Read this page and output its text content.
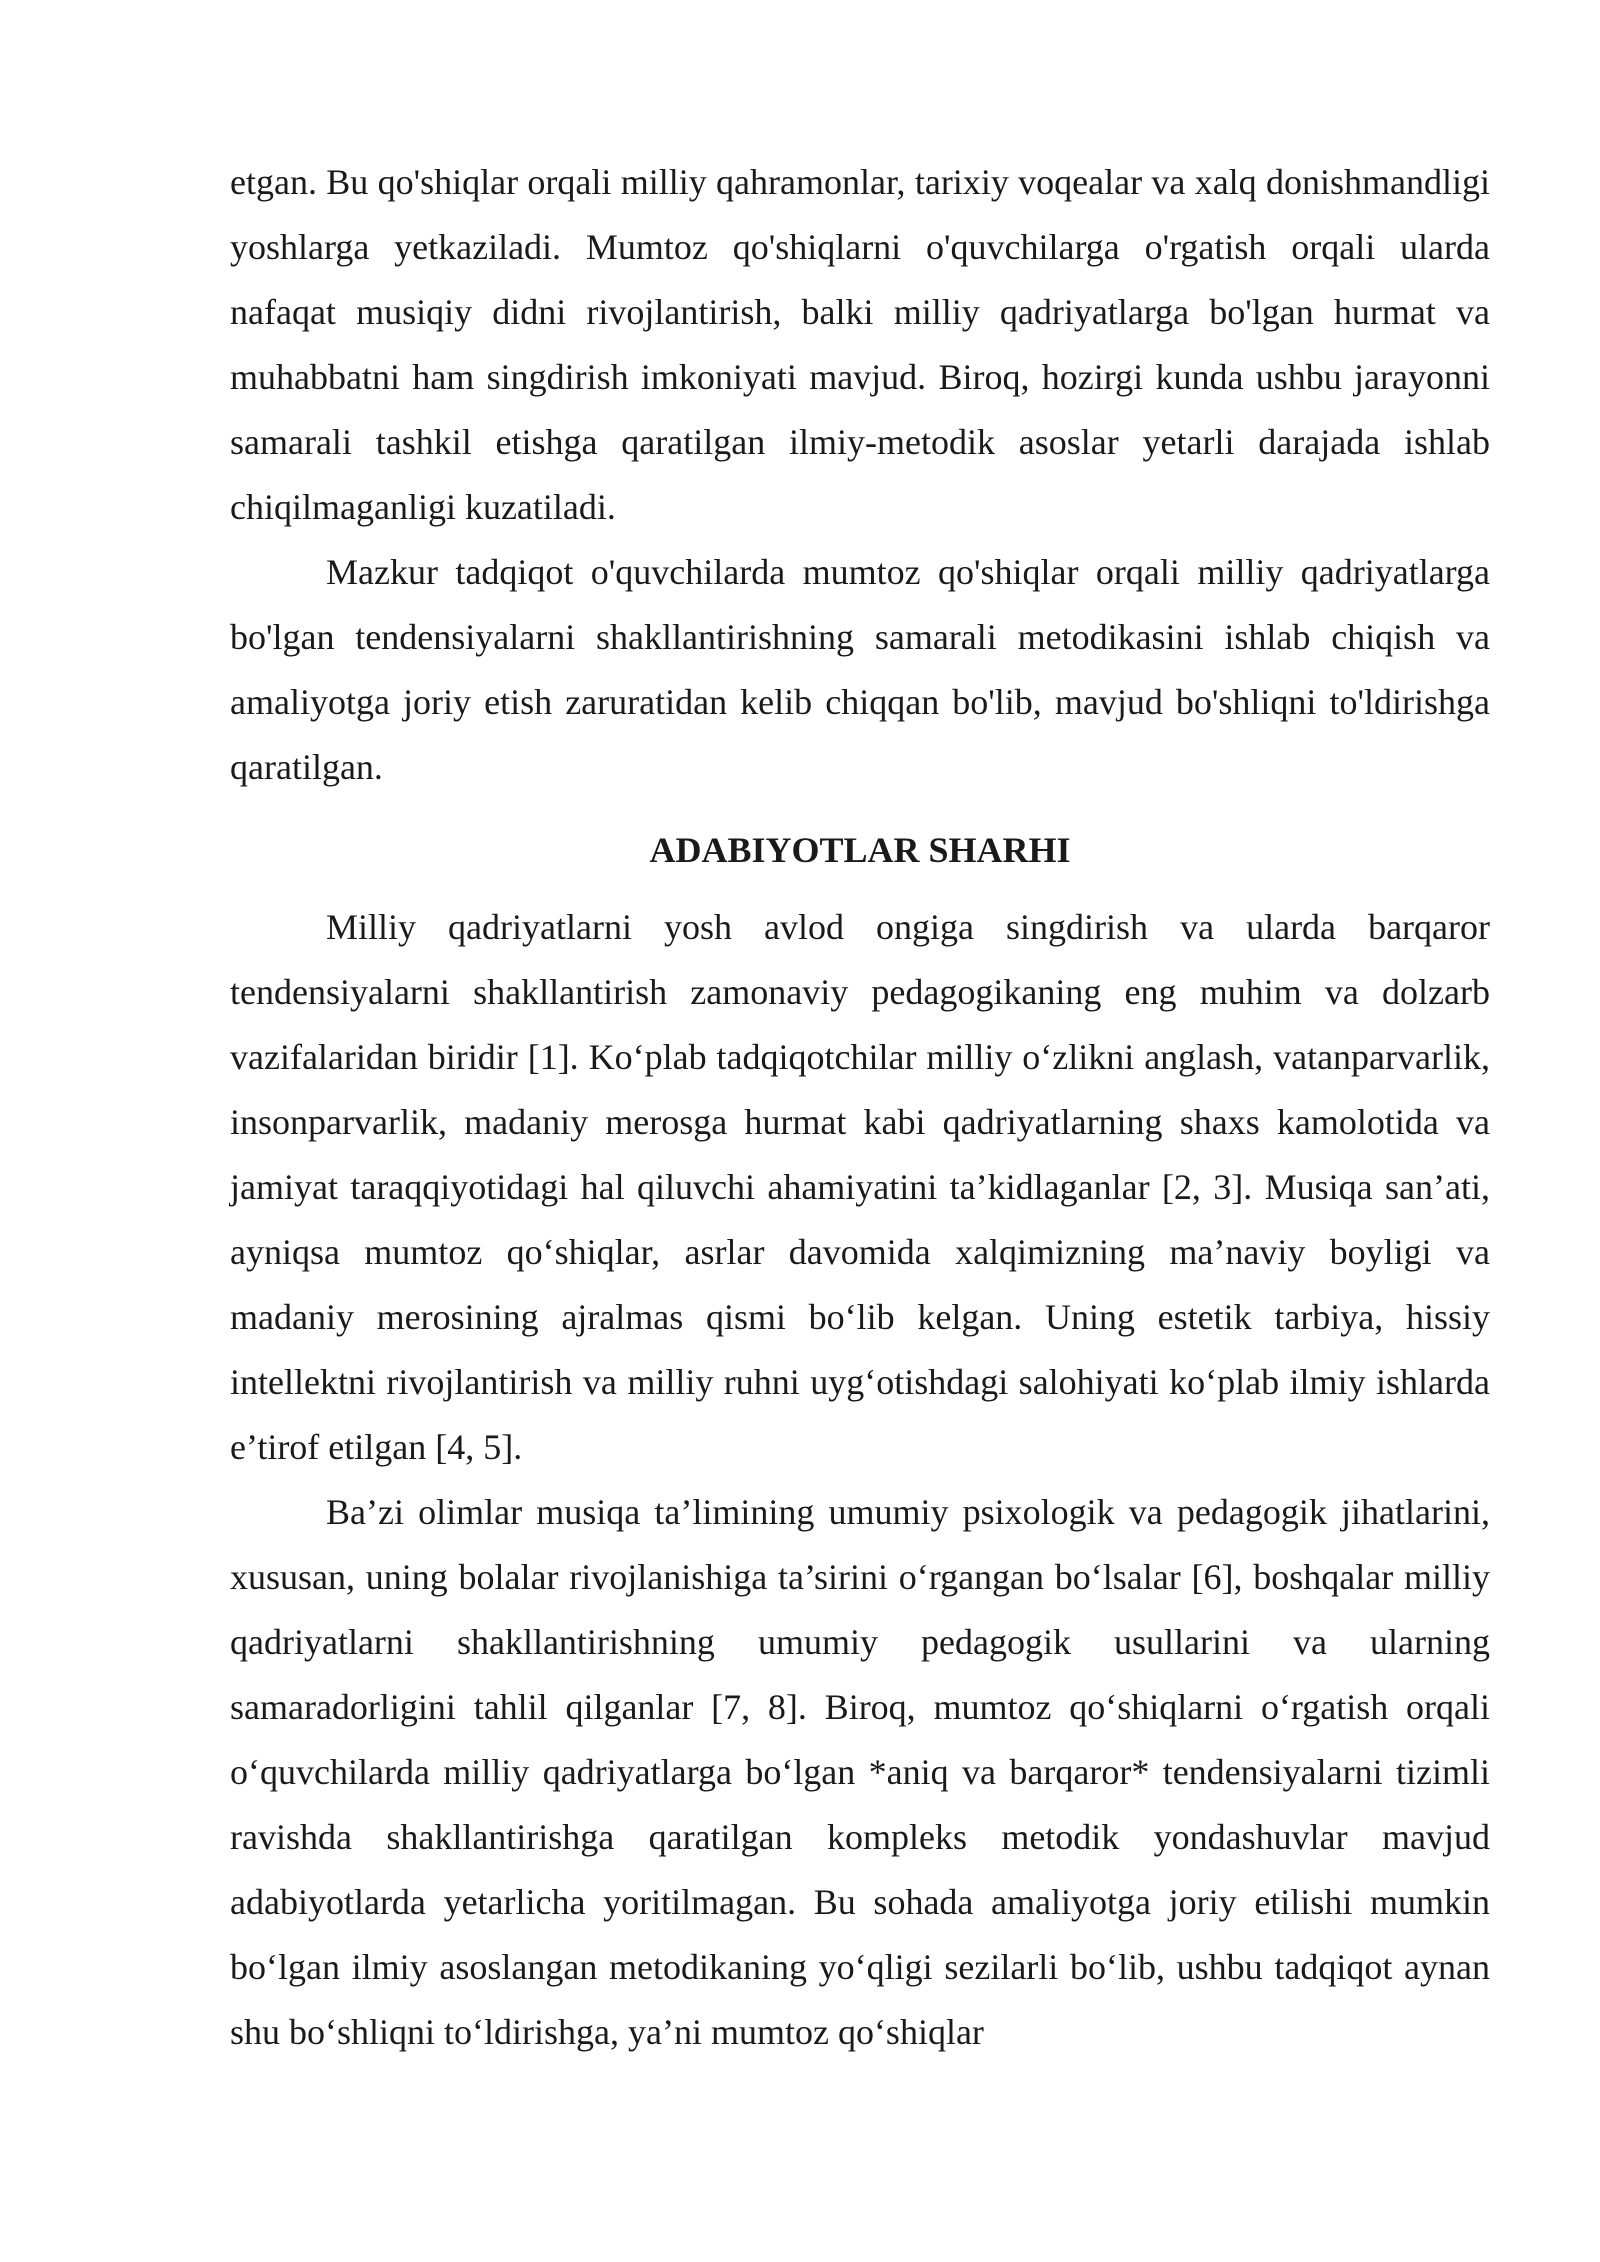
etgan. Bu qo'shiqlar orqali milliy qahramonlar, tarixiy voqealar va xalq donishmandligi yoshlarga yetkaziladi. Mumtoz qo'shiqlarni o'quvchilarga o'rgatish orqali ularda nafaqat musiqiy didni rivojlantirish, balki milliy qadriyatlarga bo'lgan hurmat va muhabbatni ham singdirish imkoniyati mavjud. Biroq, hozirgi kunda ushbu jarayonni samarali tashkil etishga qaratilgan ilmiy-metodik asoslar yetarli darajada ishlab chiqilmaganligi kuzatiladi.

Mazkur tadqiqot o'quvchilarda mumtoz qo'shiqlar orqali milliy qadriyatlarga bo'lgan tendensiyalarni shakllantirishning samarali metodikasini ishlab chiqish va amaliyotga joriy etish zaruratidan kelib chiqqan bo'lib, mavjud bo'shliqni to'ldirishga qaratilgan.

ADABIYOTLAR SHARHI

Milliy qadriyatlarni yosh avlod ongiga singdirish va ularda barqaror tendensiyalarni shakllantirish zamonaviy pedagogikaning eng muhim va dolzarb vazifalaridan biridir [1]. Ko‘plab tadqiqotchilar milliy o‘zlikni anglash, vatanparvarlik, insonparvarlik, madaniy merosga hurmat kabi qadriyatlarning shaxs kamolotida va jamiyat taraqqiyotidagi hal qiluvchi ahamiyatini ta’kidlaganlar [2, 3]. Musiqa san’ati, ayniqsa mumtoz qo‘shiqlar, asrlar davomida xalqimizning ma’naviy boyligi va madaniy merosining ajralmas qismi bo‘lib kelgan. Uning estetik tarbiya, hissiy intellektni rivojlantirish va milliy ruhni uyg‘otishdagi salohiyati ko‘plab ilmiy ishlarda e’tirof etilgan [4, 5].

Ba’zi olimlar musiqa ta’limining umumiy psixologik va pedagogik jihatlarini, xususan, uning bolalar rivojlanishiga ta’sirini o‘rgangan bo‘lsalar [6], boshqalar milliy qadriyatlarni shakllantirishning umumiy pedagogik usullarini va ularning samaradorligini tahlil qilganlar [7, 8]. Biroq, mumtoz qo‘shiqlarni o‘rgatish orqali o‘quvchilarda milliy qadriyatlarga bo‘lgan *aniq va barqaror* tendensiyalarni tizimli ravishda shakllantirishga qaratilgan kompleks metodik yondashuvlar mavjud adabiyotlarda yetarlicha yoritilmagan. Bu sohada amaliyotga joriy etilishi mumkin bo‘lgan ilmiy asoslangan metodikaning yo‘qligi sezilarli bo‘lib, ushbu tadqiqot aynan shu bo‘shliqni to‘ldirishga, ya’ni mumtoz qo‘shiqlar
